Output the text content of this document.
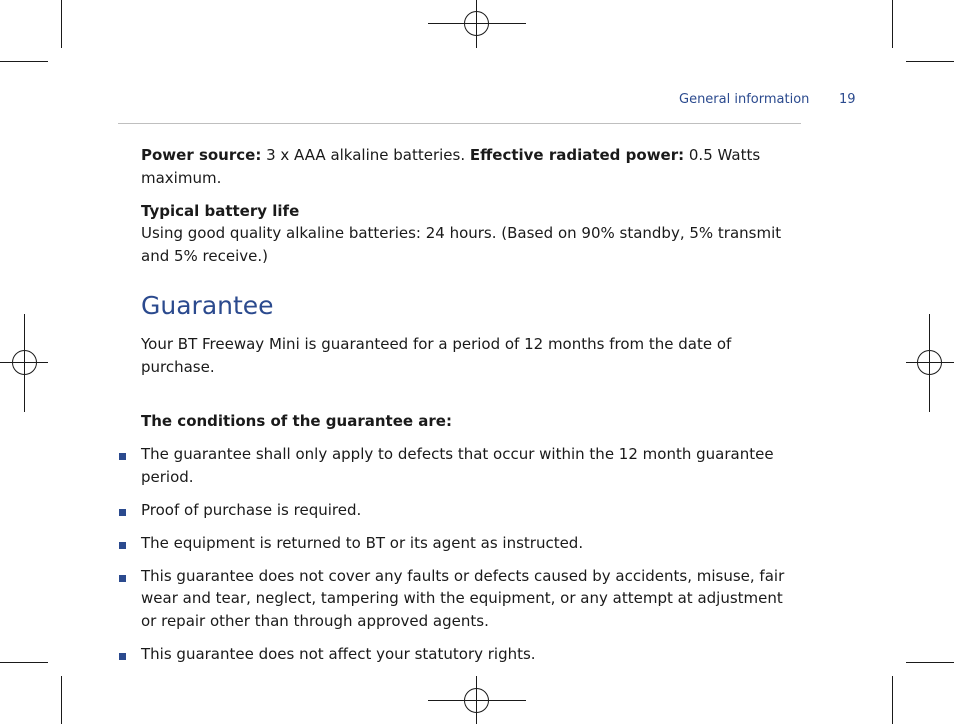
General information 19

Power source: 3 x AAA alkaline batteries. Effective radiated power: 0.5 Watts maximum.

Typical battery life

Using good quality alkaline batteries: 24 hours. (Based on 90% standby, 5% transmit and 5% receive.)

Guarantee

Your BT Freeway Mini is guaranteed for a period of 12 months from the date of purchase.

The conditions of the guarantee are:

The guarantee shall only apply to defects that occur within the 12 month guarantee period.
Proof of purchase is required.
The equipment is returned to BT or its agent as instructed.
This guarantee does not cover any faults or defects caused by accidents, misuse, fair wear and tear, neglect, tampering with the equipment, or any attempt at adjustment or repair other than through approved agents.
This guarantee does not affect your statutory rights.
